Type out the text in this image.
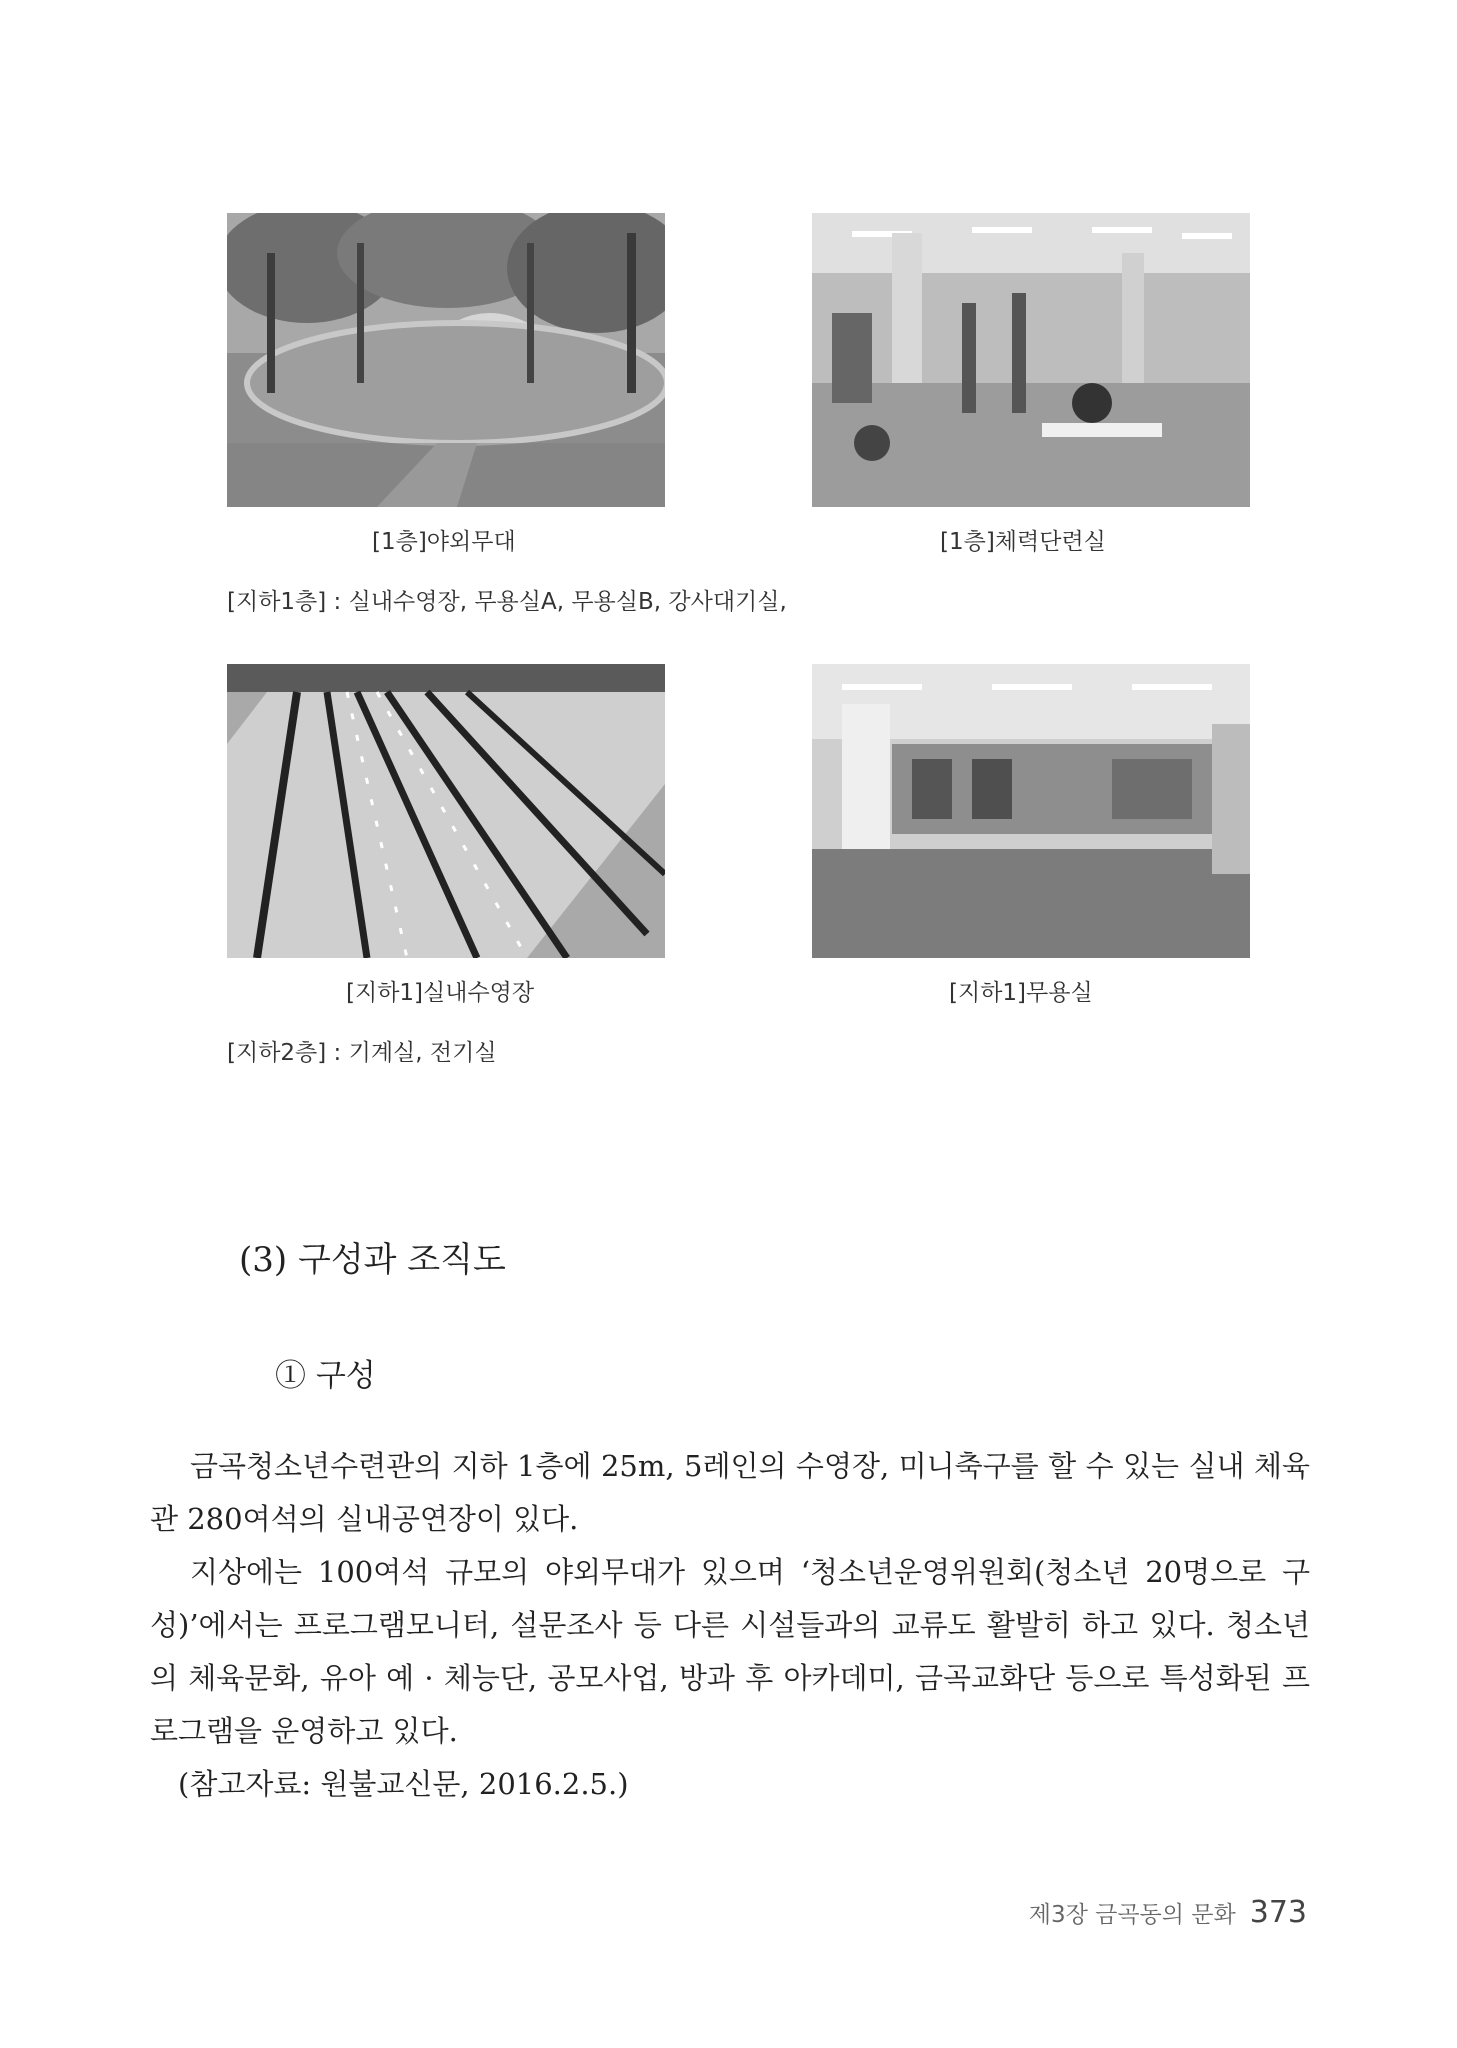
[1층]야외무대	[1층]체력단련실
[지하1층] : 실내수영장, 무용실A, 무용실B, 강사대기실,
[지하1]실내수영장	[지하1]무용실
[지하2층] : 기계실, 전기실
(3) 구성과 조직도
① 구성

금곡청소년수련관의 지하 1층에 25m, 5레인의 수영장, 미니축구를 할 수 있는 실내 체육관 280여석의 실내공연장이 있다.

지상에는 100여석 규모의 야외무대가 있으며 ‘청소년운영위원회(청소년 20명으로 구성)’에서는 프로그램모니터, 설문조사 등 다른 시설들과의 교류도 활발히 하고 있다. 청소년의 체육문화, 유아 예 · 체능단, 공모사업, 방과 후 아카데미, 금곡교화단 등으로 특성화된 프로그램을 운영하고 있다.

(참고자료: 원불교신문, 2016.2.5.)

제3장 금곡동의 문화 373
